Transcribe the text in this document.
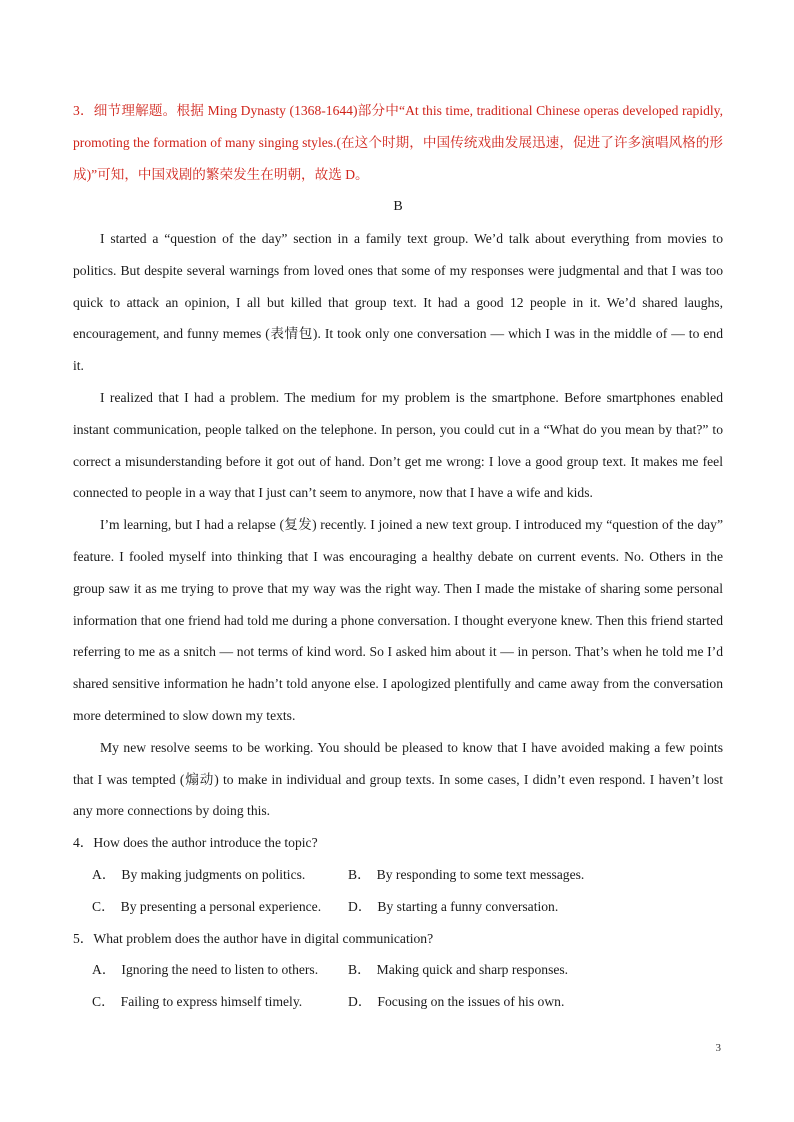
3．细节理解题。根据 Ming Dynasty (1368-1644)部分中“At this time, traditional Chinese operas developed rapidly, promoting the formation of many singing styles.(在这个时期，中国传统戏曲发展迅速，促进了许多演唱风格的形成)”可知，中国戏剧的繁荣发生在明朝，故选 D。

B

I started a “question of the day” section in a family text group. We’d talk about everything from movies to politics. But despite several warnings from loved ones that some of my responses were judgmental and that I was too quick to attack an opinion, I all but killed that group text. It had a good 12 people in it. We’d shared laughs, encouragement, and funny memes (表情包). It took only one conversation — which I was in the middle of — to end it.

I realized that I had a problem. The medium for my problem is the smartphone. Before smartphones enabled instant communication, people talked on the telephone. In person, you could cut in a “What do you mean by that?” to correct a misunderstanding before it got out of hand. Don’t get me wrong: I love a good group text. It makes me feel connected to people in a way that I just can’t seem to anymore, now that I have a wife and kids.

I’m learning, but I had a relapse (复发) recently. I joined a new text group. I introduced my “question of the day” feature. I fooled myself into thinking that I was encouraging a healthy debate on current events. No. Others in the group saw it as me trying to prove that my way was the right way. Then I made the mistake of sharing some personal information that one friend had told me during a phone conversation. I thought everyone knew. Then this friend started referring to me as a snitch — not terms of kind word. So I asked him about it — in person. That’s when he told me I’d shared sensitive information he hadn’t told anyone else. I apologized plentifully and came away from the conversation more determined to slow down my texts.

My new resolve seems to be working. You should be pleased to know that I have avoided making a few points that I was tempted (煽动) to make in individual and group texts. In some cases, I didn’t even respond. I haven’t lost any more connections by doing this.

4．How does the author introduce the topic?

A． By making judgments on politics.	B． By responding to some text messages.
C． By presenting a personal experience.	D． By starting a funny conversation.

5．What problem does the author have in digital communication?

A． Ignoring the need to listen to others.	B． Making quick and sharp responses.
C． Failing to express himself timely.	D． Focusing on the issues of his own.
3
